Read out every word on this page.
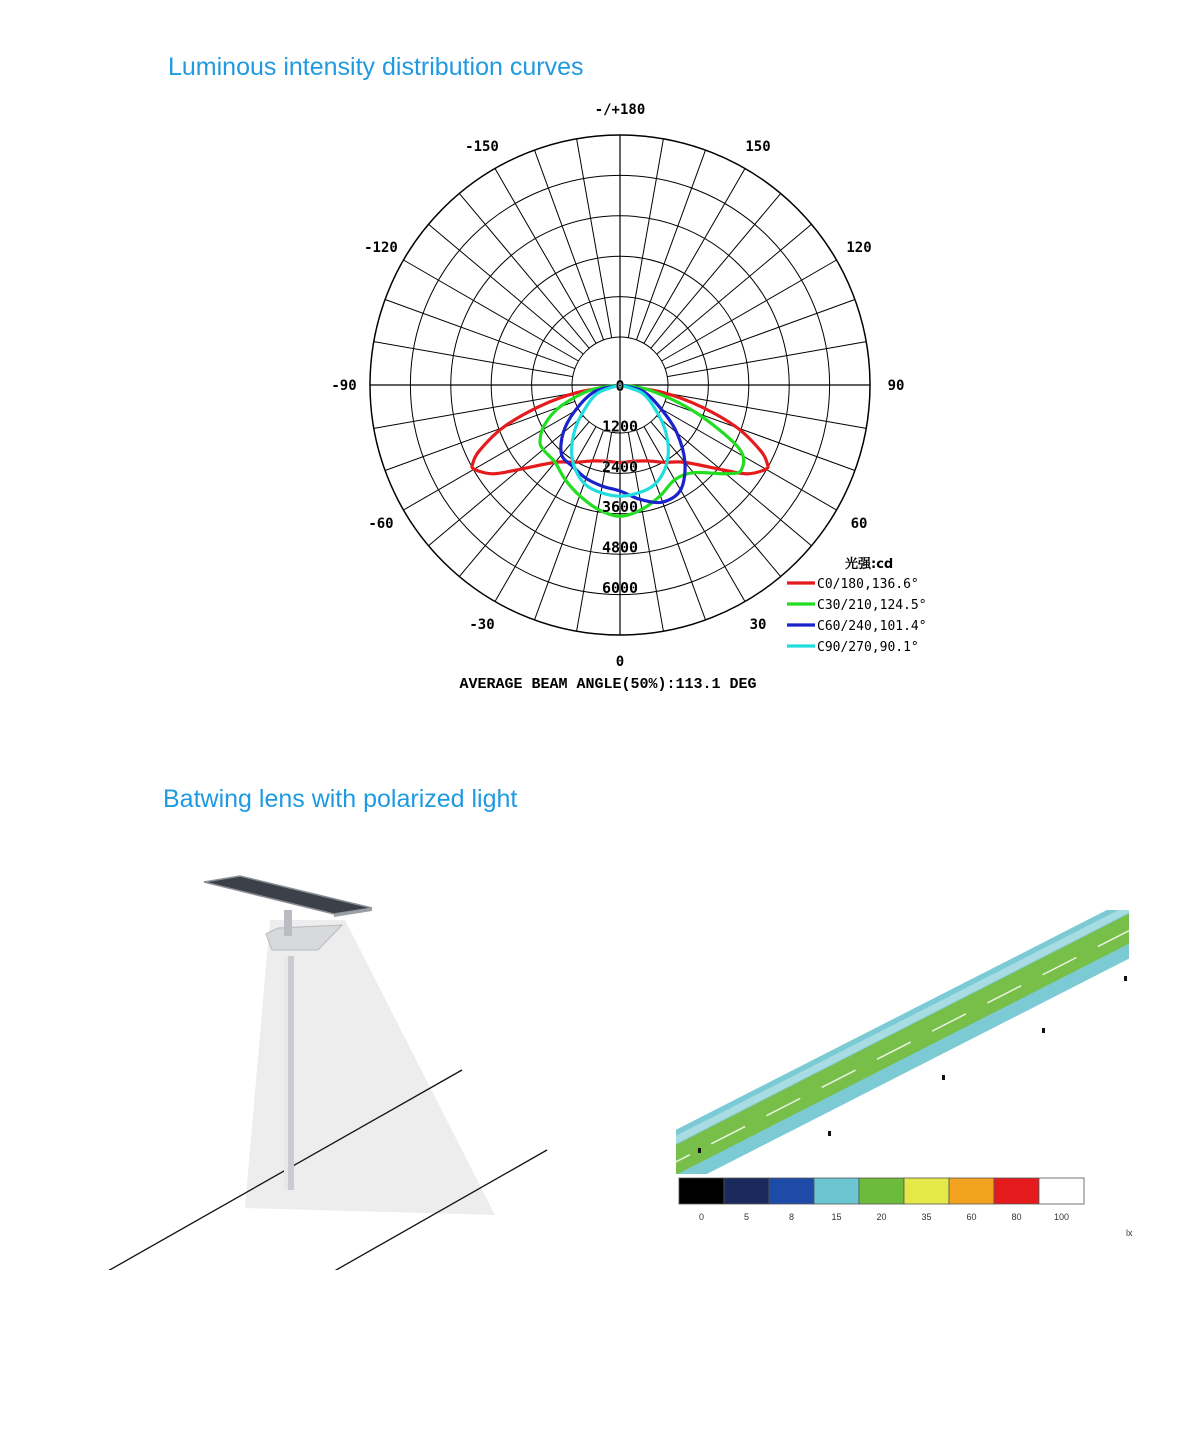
Luminous intensity distribution curves
Batwing lens with polarized light
-/+180
-150	150
-120	120
-90	90
-60	60
-30	30
0
0
1200
2400
3600
4800
6000
光强:cd
C0/180,136.6°
C30/210,124.5°
C60/240,101.4°
C90/270,90.1°
AVERAGE BEAM ANGLE(50%):113.1 DEG
0	5	8	15	20	35	60	80	100
lx
